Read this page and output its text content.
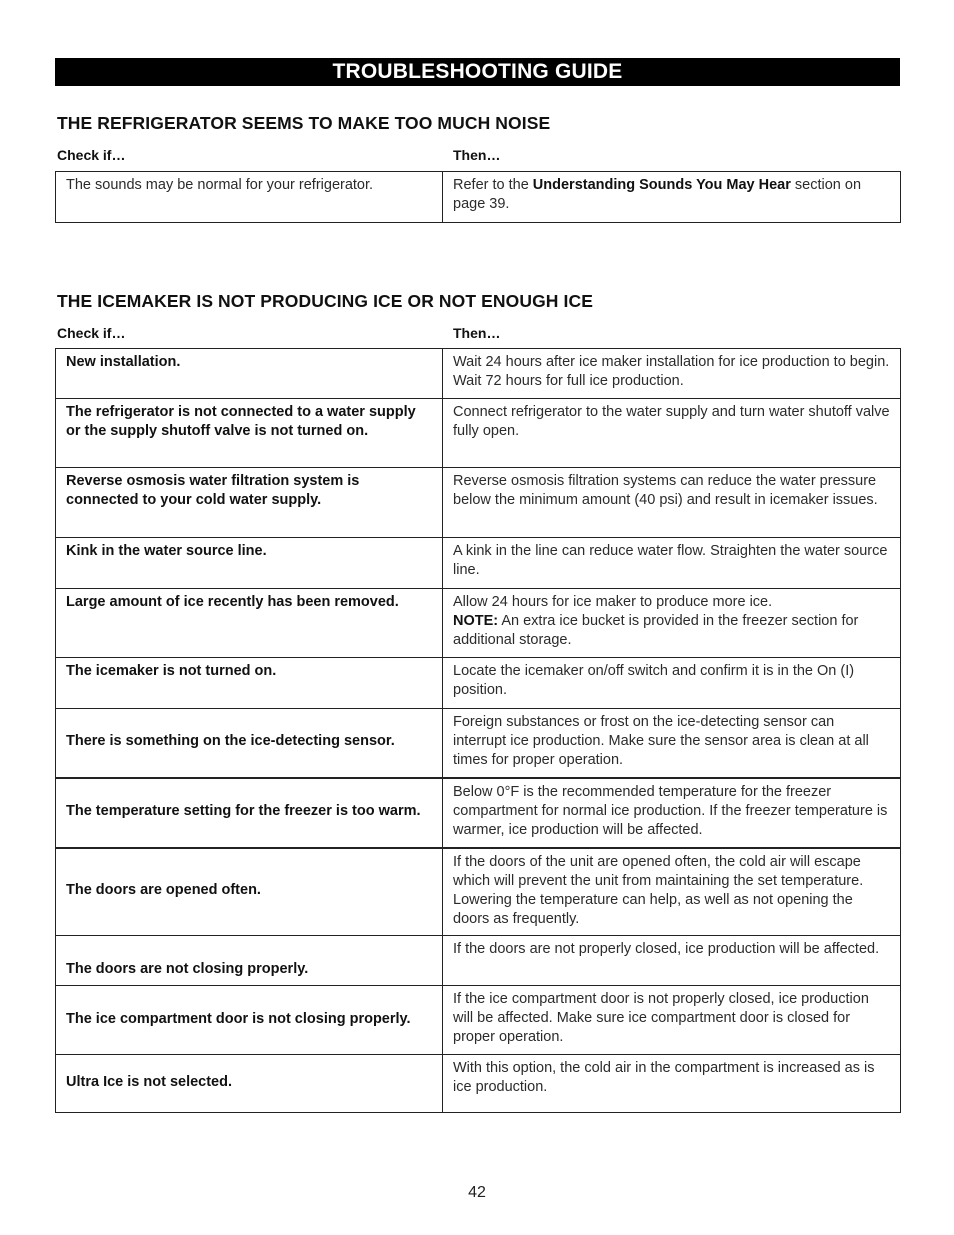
TROUBLESHOOTING GUIDE
THE REFRIGERATOR SEEMS TO MAKE TOO MUCH NOISE
Check if…	Then…
The sounds may be normal for your refrigerator.	Refer to the Understanding Sounds You May Hear section on page 39.
THE ICEMAKER IS NOT PRODUCING ICE OR NOT ENOUGH ICE
Check if…	Then…
New installation.	Wait 24 hours after ice maker installation for ice production to begin. Wait 72 hours for full ice production.
The refrigerator is not connected to a water supply or the supply shutoff valve is not turned on.	Connect refrigerator to the water supply and turn water shutoff valve fully open.
Reverse osmosis water filtration system is connected to your cold water supply.	Reverse osmosis filtration systems can reduce the water pressure below the minimum amount (40 psi) and result in icemaker issues.
Kink in the water source line.	A kink in the line can reduce water flow. Straighten the water source line.
Large amount of ice recently has been removed.	Allow 24 hours for ice maker to produce more ice.
NOTE: An extra ice bucket is provided in the freezer section for additional storage.
The icemaker is not turned on.	Locate the icemaker on/off switch and confirm it is in the On (I) position.
There is something on the ice-detecting sensor.	Foreign substances or frost on the ice-detecting sensor can interrupt ice production. Make sure the sensor area is clean at all times for proper operation.
The temperature setting for the freezer is too warm.	Below 0°F is the recommended temperature for the freezer compartment for normal ice production. If the freezer temperature is warmer, ice production will be affected.
The doors are opened often.	If the doors of the unit are opened often, the cold air will escape which will prevent the unit from maintaining the set temperature. Lowering the temperature can help, as well as not opening the doors as frequently.
The doors are not closing properly.	If the doors are not properly closed, ice production will be affected.
The ice compartment door is not closing properly.	If the ice compartment door is not properly closed, ice production will be affected. Make sure ice compartment door is closed for proper operation.
Ultra Ice is not selected.	With this option, the cold air in the compartment is increased as is ice production.
42
